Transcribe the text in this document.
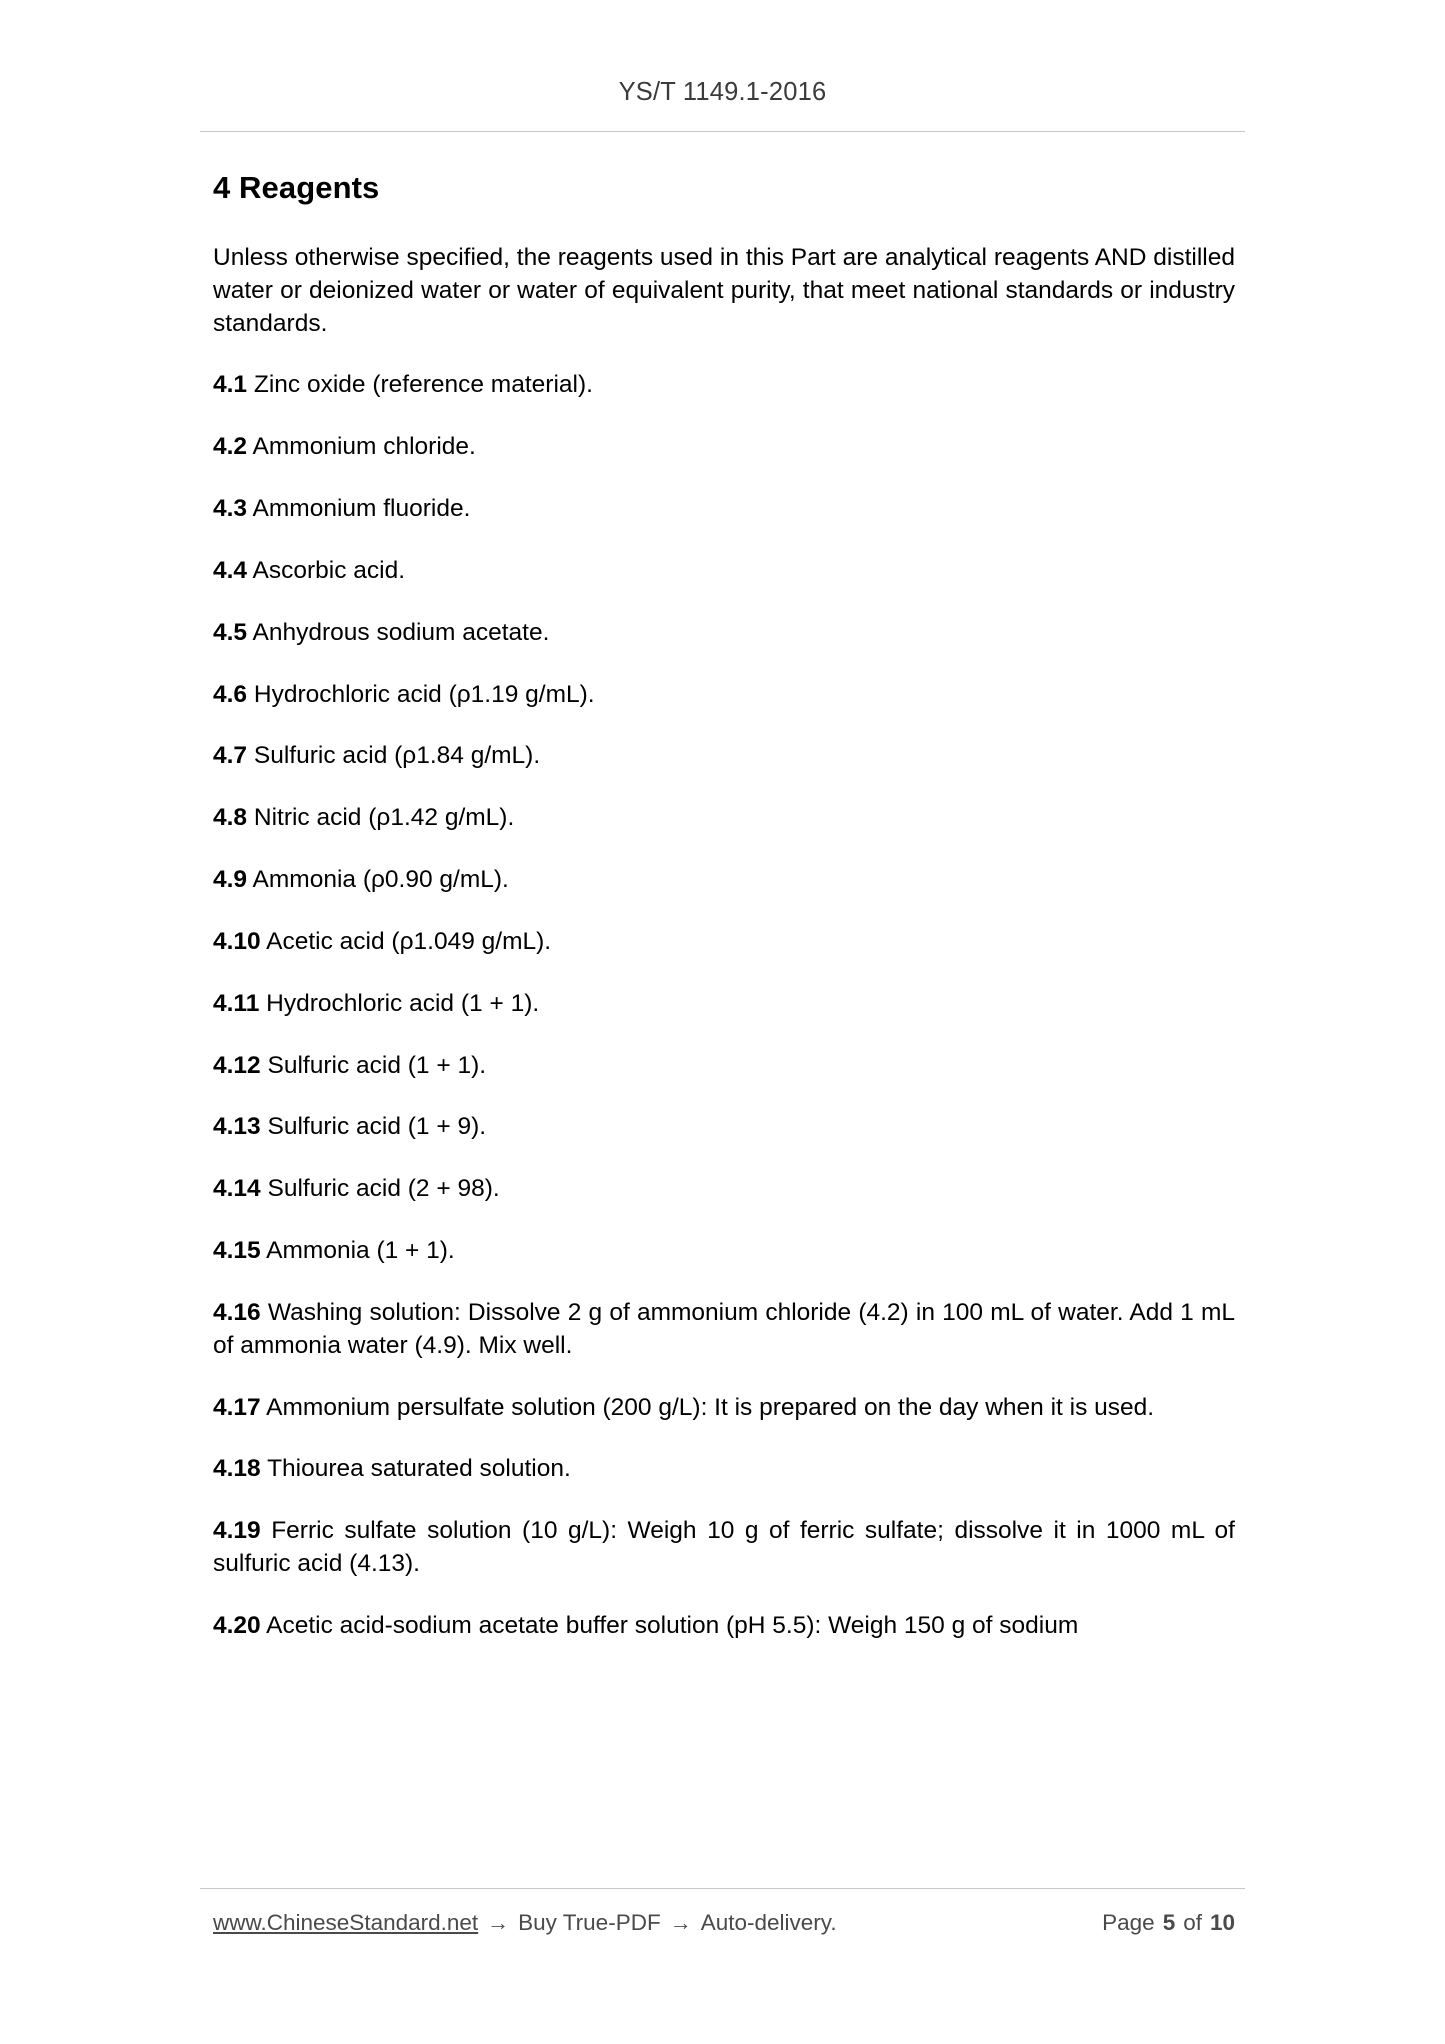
YS/T 1149.1-2016
4 Reagents

Unless otherwise specified, the reagents used in this Part are analytical reagents AND distilled water or deionized water or water of equivalent purity, that meet national standards or industry standards.

4.1 Zinc oxide (reference material).

4.2 Ammonium chloride.

4.3 Ammonium fluoride.

4.4 Ascorbic acid.

4.5 Anhydrous sodium acetate.

4.6 Hydrochloric acid (ρ1.19 g/mL).

4.7 Sulfuric acid (ρ1.84 g/mL).

4.8 Nitric acid (ρ1.42 g/mL).

4.9 Ammonia (ρ0.90 g/mL).

4.10 Acetic acid (ρ1.049 g/mL).

4.11 Hydrochloric acid (1 + 1).

4.12 Sulfuric acid (1 + 1).

4.13 Sulfuric acid (1 + 9).

4.14 Sulfuric acid (2 + 98).

4.15 Ammonia (1 + 1).

4.16 Washing solution: Dissolve 2 g of ammonium chloride (4.2) in 100 mL of water. Add 1 mL of ammonia water (4.9). Mix well.

4.17 Ammonium persulfate solution (200 g/L): It is prepared on the day when it is used.

4.18 Thiourea saturated solution.

4.19 Ferric sulfate solution (10 g/L): Weigh 10 g of ferric sulfate; dissolve it in 1000 mL of sulfuric acid (4.13).

4.20 Acetic acid-sodium acetate buffer solution (pH 5.5): Weigh 150 g of sodium

www.ChineseStandard.net → Buy True-PDF → Auto-delivery.	Page 5 of 10
